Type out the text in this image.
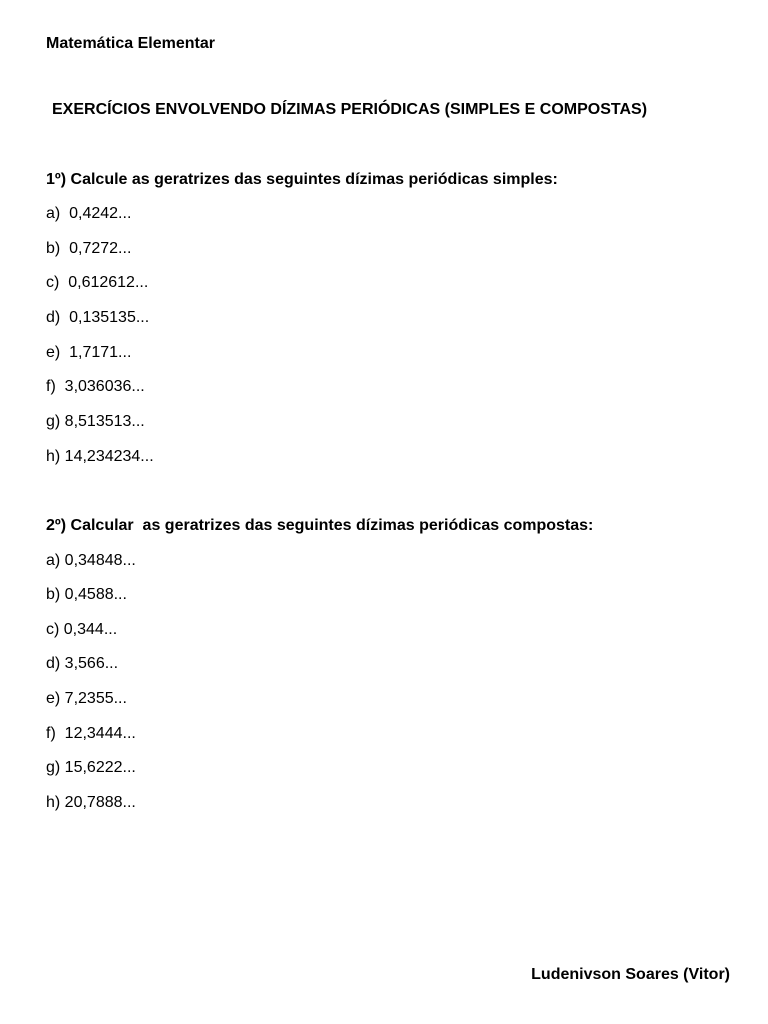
Matemática Elementar
EXERCÍCIOS ENVOLVENDO DÍZIMAS PERIÓDICAS (SIMPLES E COMPOSTAS)
1º) Calcule as geratrizes das seguintes dízimas periódicas simples:
a)  0,4242...
b)  0,7272...
c)  0,612612...
d)  0,135135...
e)  1,7171...
f)  3,036036...
g) 8,513513...
h) 14,234234...
2º) Calcular  as geratrizes das seguintes dízimas periódicas compostas:
a) 0,34848...
b) 0,4588...
c) 0,344...
d) 3,566...
e) 7,2355...
f)  12,3444...
g) 15,6222...
h) 20,7888...
Ludenivson Soares (Vitor)
